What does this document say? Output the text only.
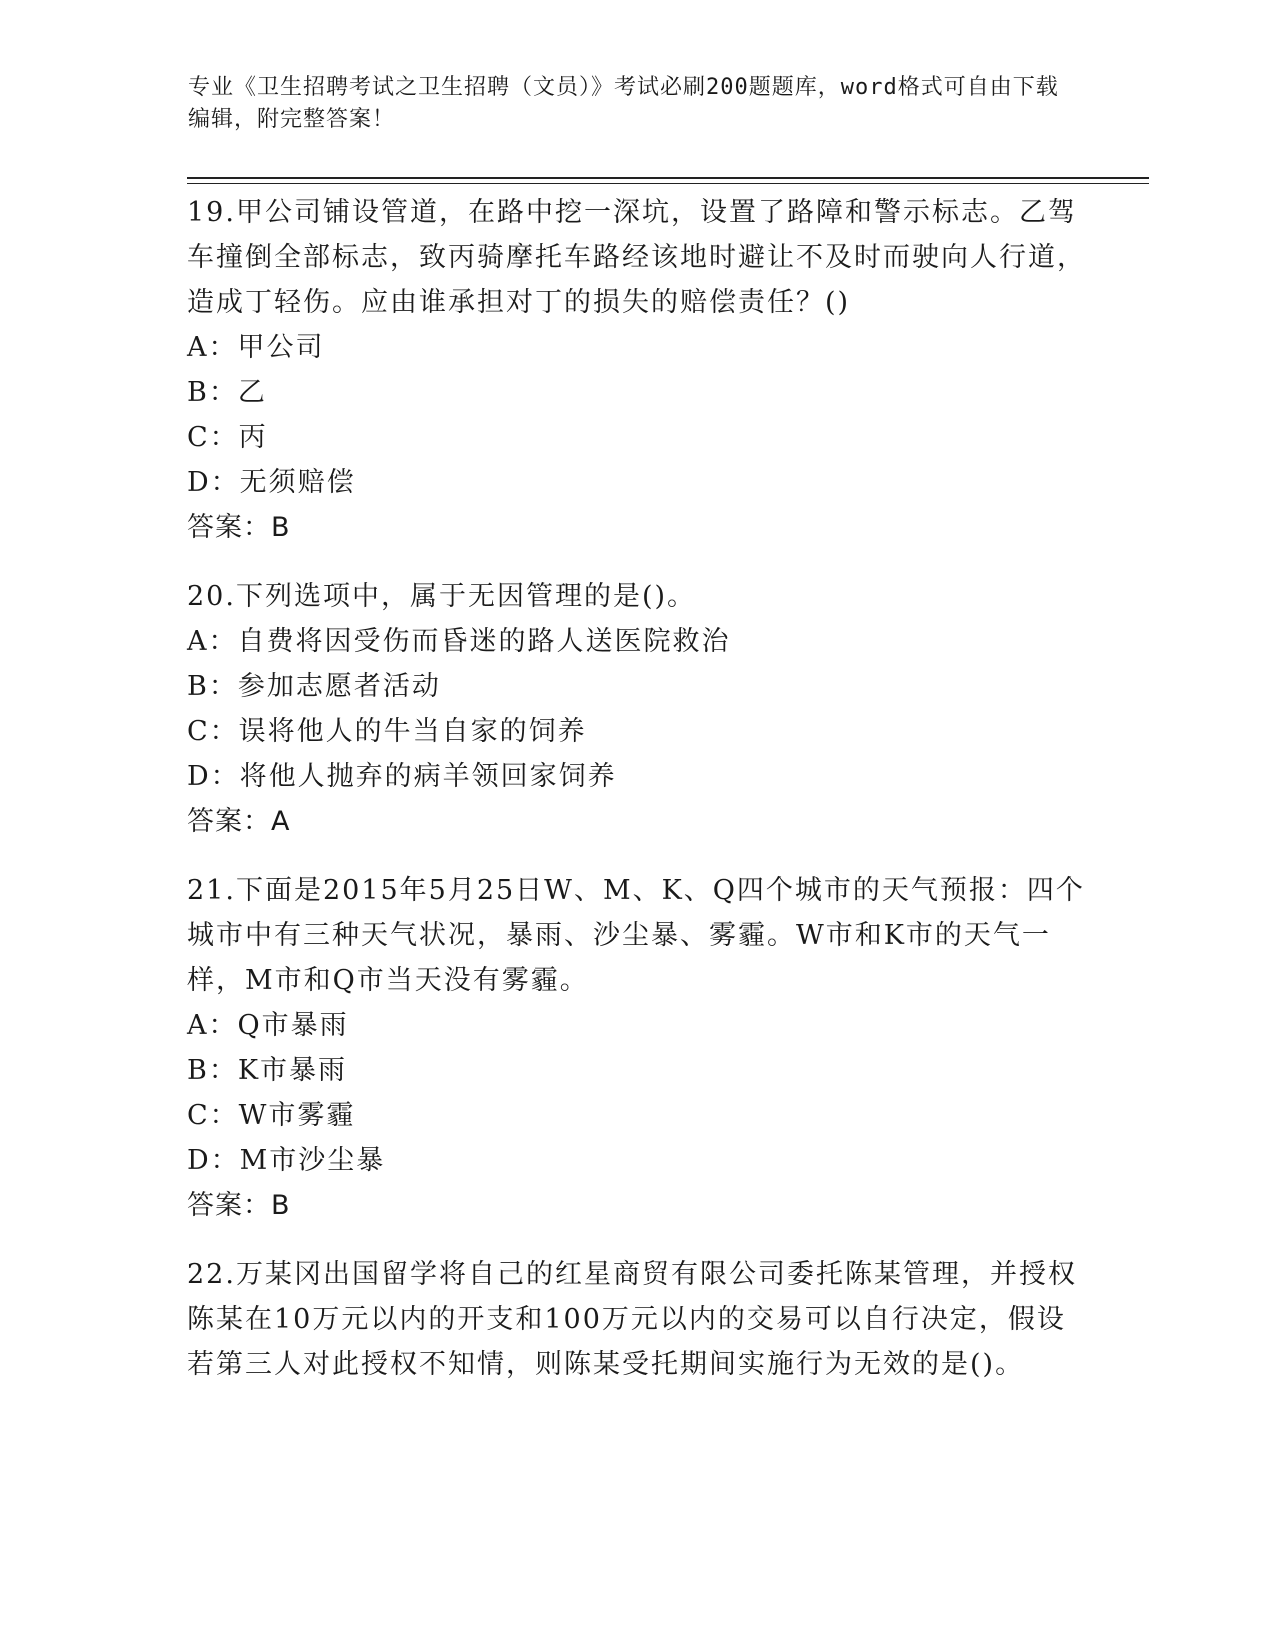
专业《卫生招聘考试之卫生招聘（文员）》考试必刷200题题库，word格式可自由下载编辑，附完整答案！
19.甲公司铺设管道，在路中挖一深坑，设置了路障和警示标志。乙驾车撞倒全部标志，致丙骑摩托车路经该地时避让不及时而驶向人行道，造成丁轻伤。应由谁承担对丁的损失的赔偿责任？()
A：甲公司
B：乙
C：丙
D：无须赔偿
答案：B
20.下列选项中，属于无因管理的是()。
A：自费将因受伤而昏迷的路人送医院救治
B：参加志愿者活动
C：误将他人的牛当自家的饲养
D：将他人抛弃的病羊领回家饲养
答案：A
21.下面是2015年5月25日W、M、K、Q四个城市的天气预报：四个城市中有三种天气状况，暴雨、沙尘暴、雾霾。W市和K市的天气一样，M市和Q市当天没有雾霾。
A：Q市暴雨
B：K市暴雨
C：W市雾霾
D：M市沙尘暴
答案：B
22.万某冈出国留学将自己的红星商贸有限公司委托陈某管理，并授权陈某在10万元以内的开支和100万元以内的交易可以自行决定，假设若第三人对此授权不知情，则陈某受托期间实施行为无效的是()。
